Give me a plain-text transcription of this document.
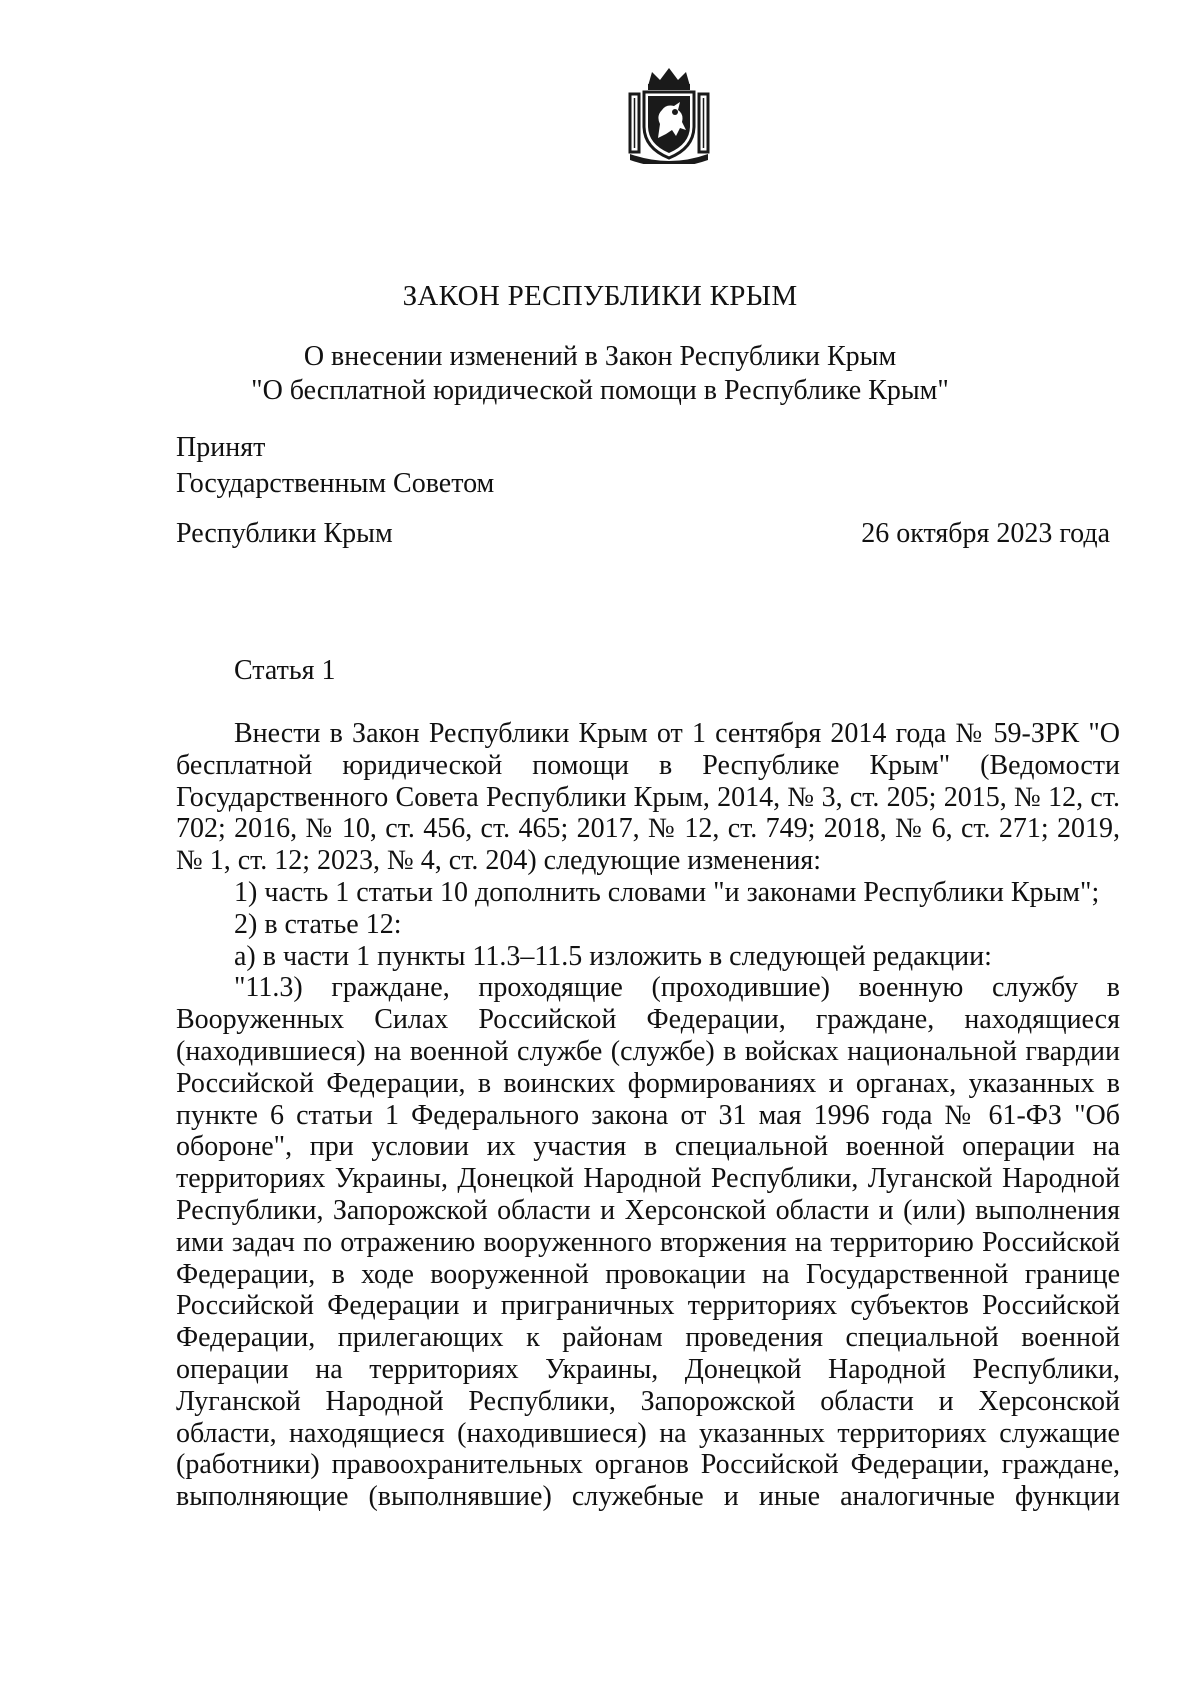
ЗАКОН РЕСПУБЛИКИ КРЫМ
О внесении изменений в Закон Республики Крым
"О бесплатной юридической помощи в Республике Крым"
Принят
Государственным Советом
Республики Крым	26 октября 2023 года
Статья 1

Внести в Закон Республики Крым от 1 сентября 2014 года № 59-ЗРК "О бесплатной юридической помощи в Республике Крым" (Ведомости Государственного Совета Республики Крым, 2014, № 3, ст. 205; 2015, № 12, ст. 702; 2016, № 10, ст. 456, ст. 465; 2017, № 12, ст. 749; 2018, № 6, ст. 271; 2019, № 1, ст. 12; 2023, № 4, ст. 204) следующие изменения:

1) часть 1 статьи 10 дополнить словами "и законами Республики Крым";

2) в статье 12:

а) в части 1 пункты 11.3–11.5 изложить в следующей редакции:

"11.3) граждане, проходящие (проходившие) военную службу в Вооруженных Силах Российской Федерации, граждане, находящиеся (находившиеся) на военной службе (службе) в войсках национальной гвардии Российской Федерации, в воинских формированиях и органах, указанных в пункте 6 статьи 1 Федерального закона от 31 мая 1996 года № 61-ФЗ "Об обороне", при условии их участия в специальной военной операции на территориях Украины, Донецкой Народной Республики, Луганской Народной Республики, Запорожской области и Херсонской области и (или) выполнения ими задач по отражению вооруженного вторжения на территорию Российской Федерации, в ходе вооруженной провокации на Государственной границе Российской Федерации и приграничных территориях субъектов Российской Федерации, прилегающих к районам проведения специальной военной операции на территориях Украины, Донецкой Народной Республики, Луганской Народной Республики, Запорожской области и Херсонской области, находящиеся (находившиеся) на указанных территориях служащие (работники) правоохранительных органов Российской Федерации, граждане, выполняющие (выполнявшие) служебные и иные аналогичные функции
